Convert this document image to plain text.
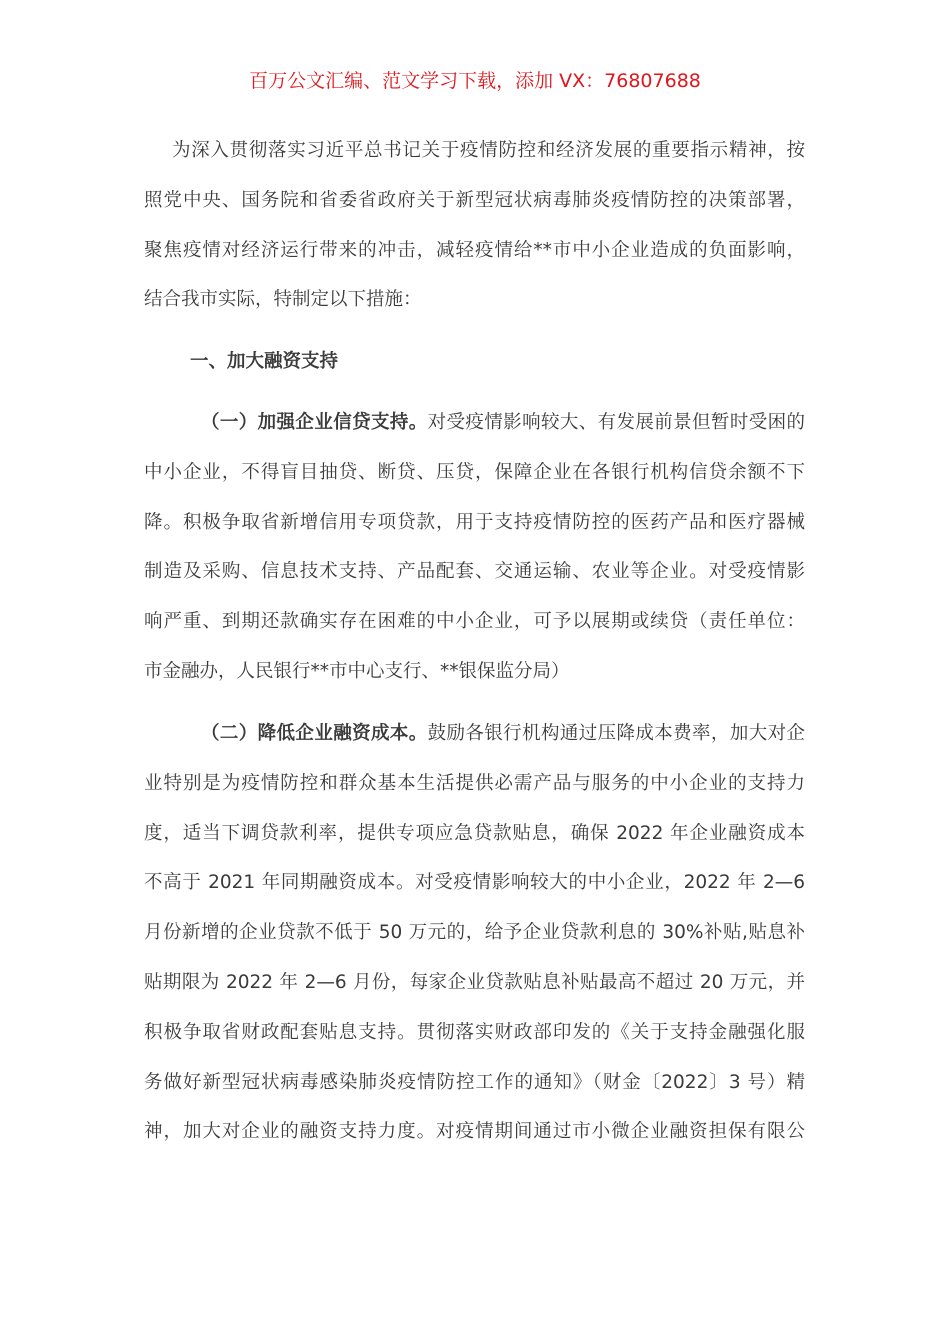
百万公文汇编、范文学习下载，添加 VX：76807688
为深入贯彻落实习近平总书记关于疫情防控和经济发展的重要指示精神，按
照党中央、国务院和省委省政府关于新型冠状病毒肺炎疫情防控的决策部署，
聚焦疫情对经济运行带来的冲击，减轻疫情给**市中小企业造成的负面影响，
结合我市实际，特制定以下措施：
一、加大融资支持
（一）加强企业信贷支持。对受疫情影响较大、有发展前景但暂时受困的
中小企业，不得盲目抽贷、断贷、压贷，保障企业在各银行机构信贷余额不下
降。积极争取省新增信用专项贷款，用于支持疫情防控的医药产品和医疗器械
制造及采购、信息技术支持、产品配套、交通运输、农业等企业。对受疫情影
响严重、到期还款确实存在困难的中小企业，可予以展期或续贷（责任单位：
市金融办，人民银行**市中心支行、**银保监分局）
（二）降低企业融资成本。鼓励各银行机构通过压降成本费率，加大对企
业特别是为疫情防控和群众基本生活提供必需产品与服务的中小企业的支持力
度，适当下调贷款利率，提供专项应急贷款贴息，确保 2022 年企业融资成本
不高于 2021 年同期融资成本。对受疫情影响较大的中小企业，2022 年 2—6
月份新增的企业贷款不低于 50 万元的，给予企业贷款利息的 30%补贴,贴息补
贴期限为 2022 年 2—6 月份，每家企业贷款贴息补贴最高不超过 20 万元，并
积极争取省财政配套贴息支持。贯彻落实财政部印发的《关于支持金融强化服
务做好新型冠状病毒感染肺炎疫情防控工作的通知》（财金〔2022〕3 号）精
神，加大对企业的融资支持力度。对疫情期间通过市小微企业融资担保有限公
